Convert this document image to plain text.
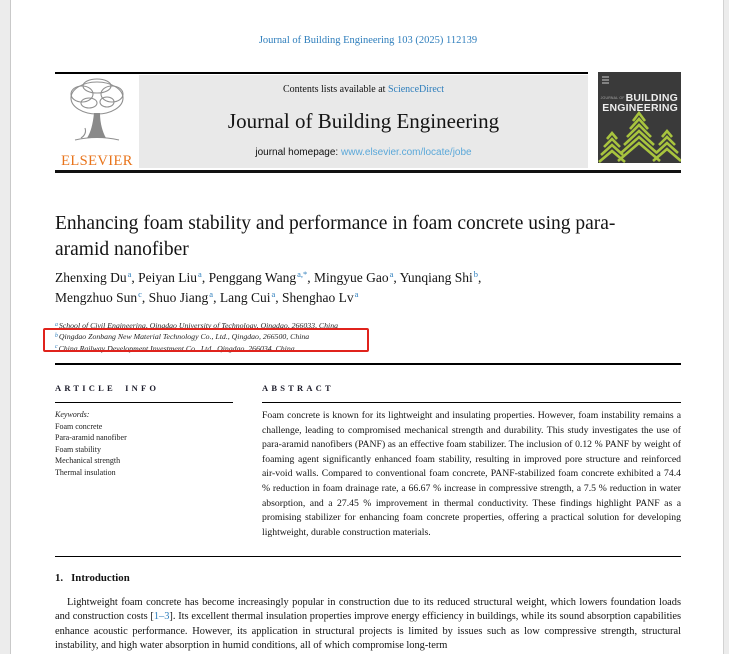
Journal of Building Engineering 103 (2025) 112139
ELSEVIER
Contents lists available at ScienceDirect
Journal of Building Engineering
journal homepage: www.elsevier.com/locate/jobe
JOURNAL OFBUILDING
ENGINEERING
Enhancing foam stability and performance in foam concrete using para-aramid nanofiber
Zhenxing Du$^a$, Peiyan Liu$^a$, Penggang Wang$^{a,*}$, Mingyue Gao$^a$, Yunqiang Shi$^b$,
Mengzhuo Sun$^c$, Shuo Jiang$^a$, Lang Cui$^a$, Shenghao Lv$^a$
$^a$School of Civil Engineering, Qingdao University of Technology, Qingdao, 266033, China
$^b$Qingdao Zonbang New Material Technology Co., Ltd., Qingdao, 266500, China
$^c$China Railway Development Investment Co., Ltd., Qingdao, 266034, China
ARTICLE INFO
Keywords:
Foam concrete
Para-aramid nanofiber
Foam stability
Mechanical strength
Thermal insulation
ABSTRACT
Foam concrete is known for its lightweight and insulating properties. However, foam instability remains a challenge, leading to compromised mechanical strength and durability. This study investigates the use of para-aramid nanofibers (PANF) as an effective foam stabilizer. The inclusion of 0.12 % PANF by weight of foaming agent significantly enhanced foam stability, resulting in improved pore structure and reinforced air-void walls. Compared to conventional foam concrete, PANF-stabilized foam concrete exhibited a 74.4 % reduction in foam drainage rate, a 66.67 % increase in compressive strength, a 7.5 % reduction in water absorption, and a 27.45 % improvement in thermal conductivity. These findings highlight PANF as a promising stabilizer for enhancing foam concrete properties, offering a practical solution for developing lightweight, durable construction materials.
1. Introduction
Lightweight foam concrete has become increasingly popular in construction due to its reduced structural weight, which lowers foundation loads and construction costs [1–3]. Its excellent thermal insulation properties improve energy efficiency in buildings, while its sound absorption capabilities enhance acoustic performance. However, its application in structural projects is limited by issues such as low compressive strength, structural instability, and high water absorption in humid conditions, all of which compromise long-term
